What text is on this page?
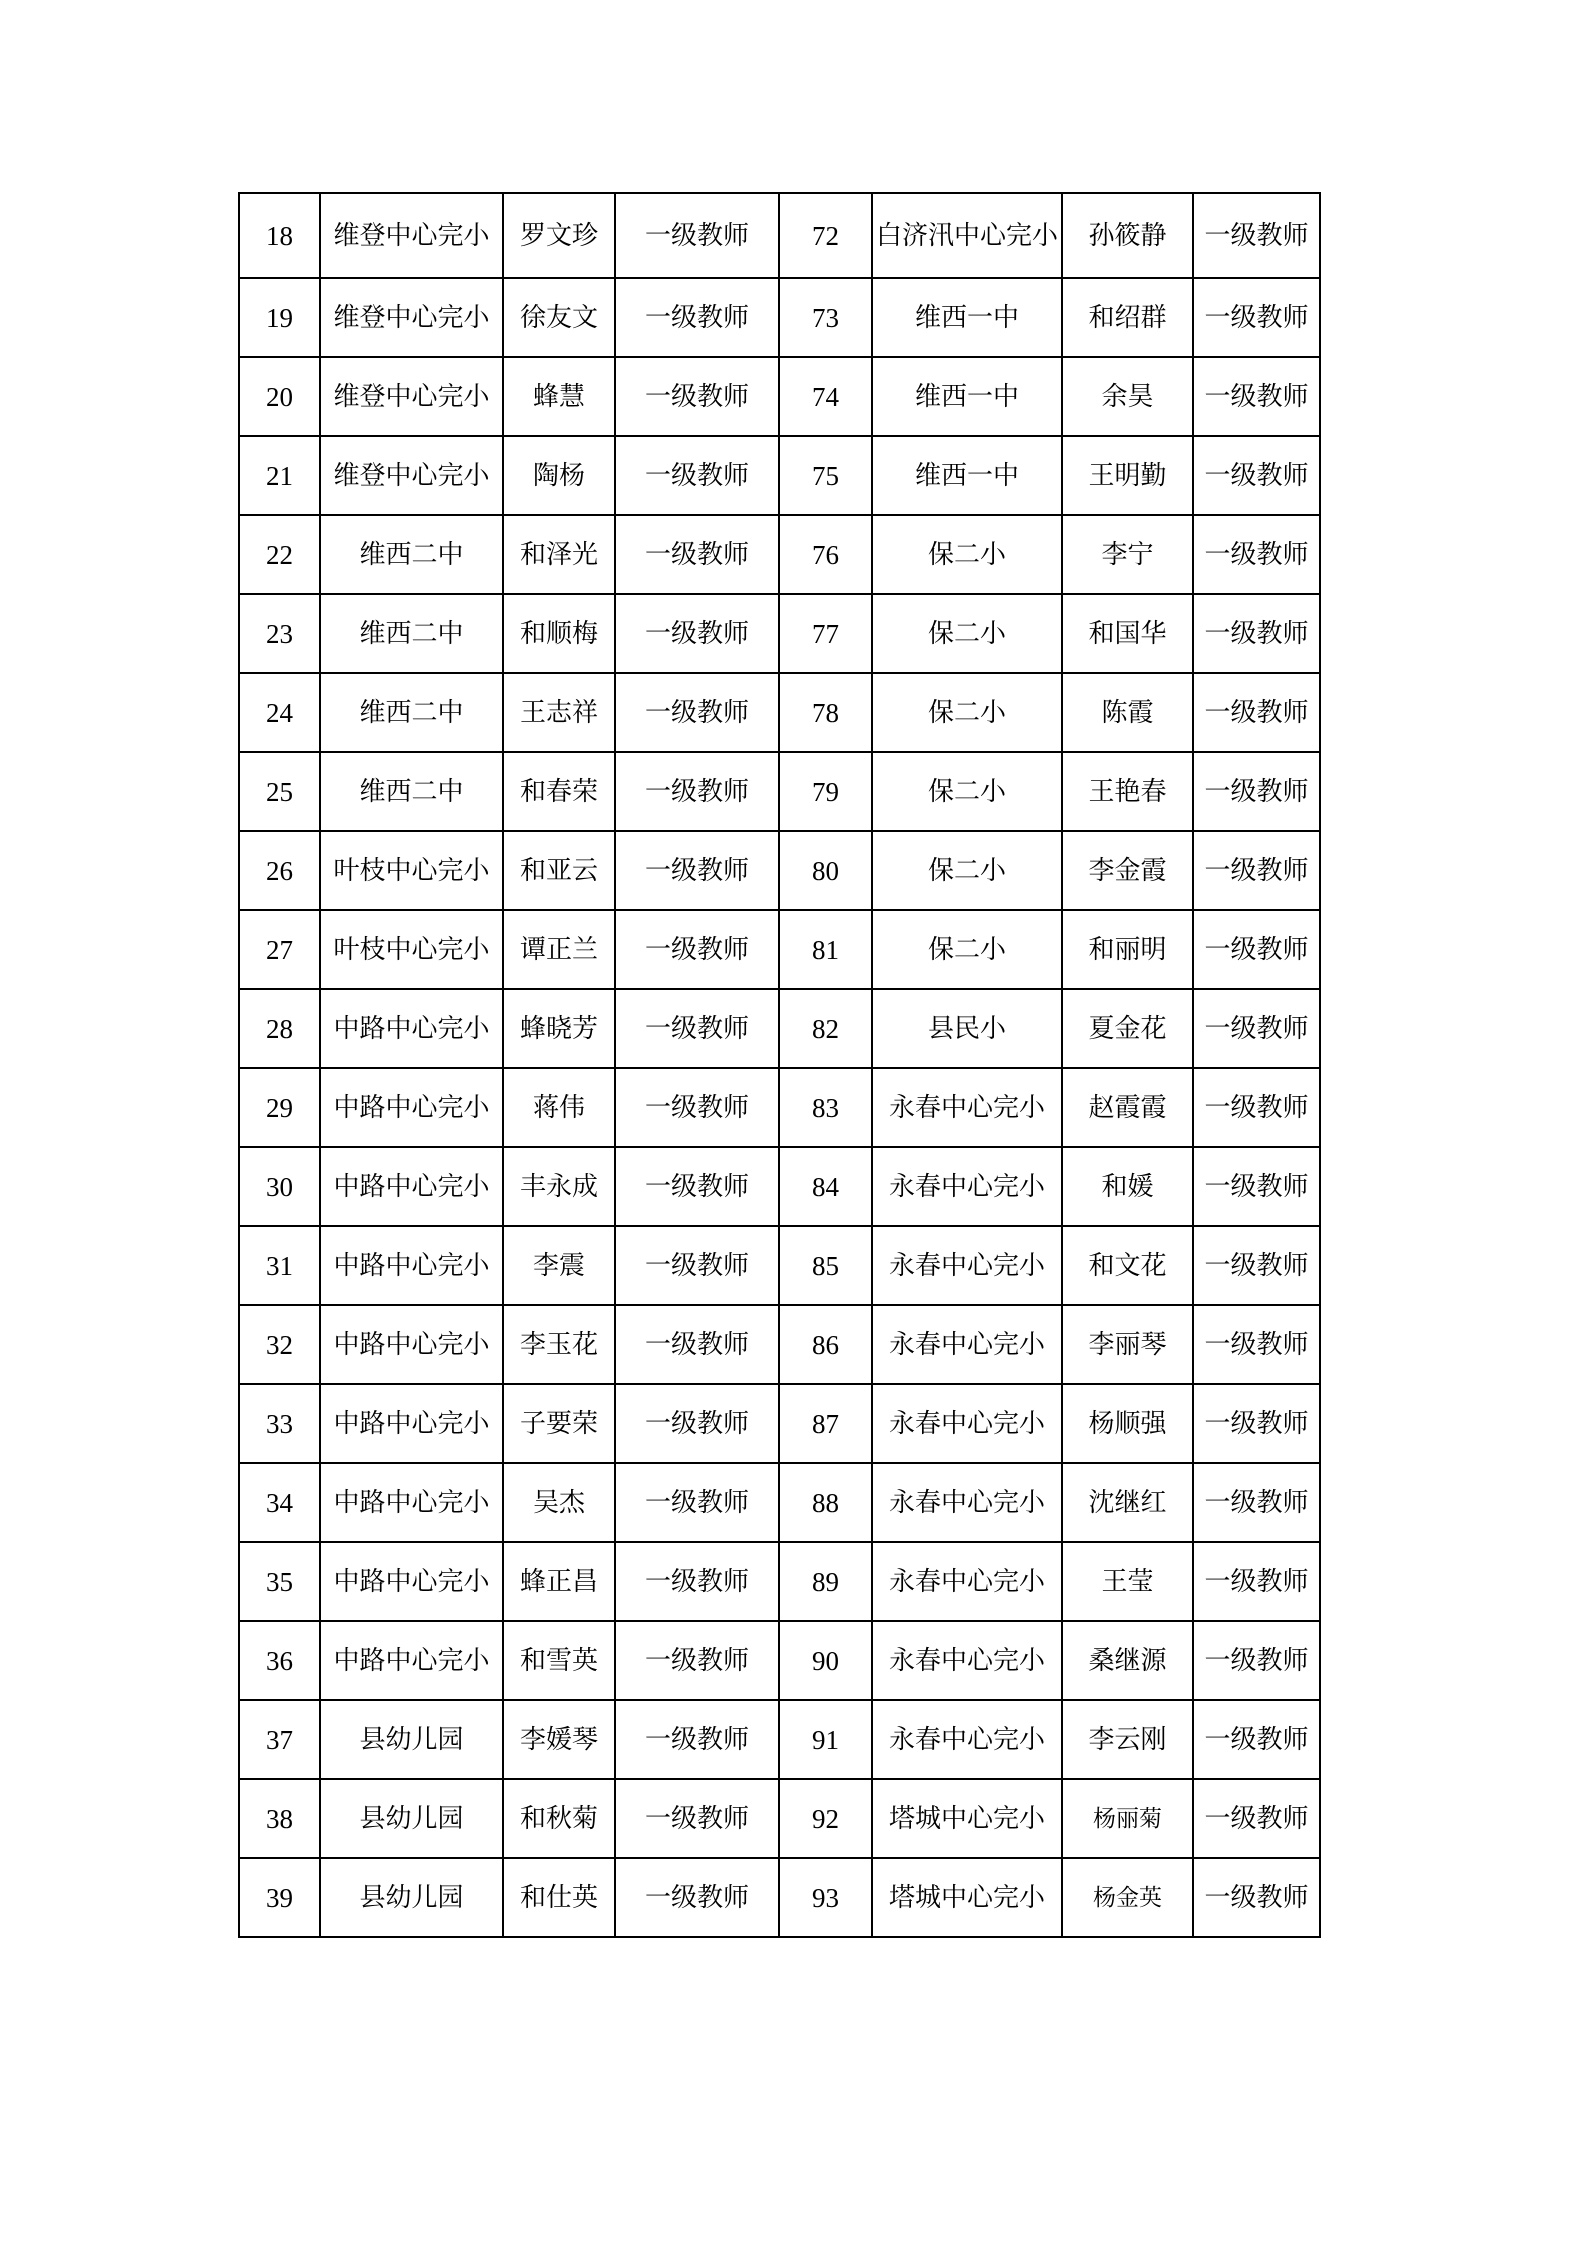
18	维登中心完小	罗文珍	一级教师	72	白济汛中心完小	孙筱静	一级教师
19	维登中心完小	徐友文	一级教师	73	维西一中	和绍群	一级教师
20	维登中心完小	蜂慧	一级教师	74	维西一中	余昊	一级教师
21	维登中心完小	陶杨	一级教师	75	维西一中	王明勤	一级教师
22	维西二中	和泽光	一级教师	76	保二小	李宁	一级教师
23	维西二中	和顺梅	一级教师	77	保二小	和国华	一级教师
24	维西二中	王志祥	一级教师	78	保二小	陈霞	一级教师
25	维西二中	和春荣	一级教师	79	保二小	王艳春	一级教师
26	叶枝中心完小	和亚云	一级教师	80	保二小	李金霞	一级教师
27	叶枝中心完小	谭正兰	一级教师	81	保二小	和丽明	一级教师
28	中路中心完小	蜂晓芳	一级教师	82	县民小	夏金花	一级教师
29	中路中心完小	蒋伟	一级教师	83	永春中心完小	赵霞霞	一级教师
30	中路中心完小	丰永成	一级教师	84	永春中心完小	和媛	一级教师
31	中路中心完小	李震	一级教师	85	永春中心完小	和文花	一级教师
32	中路中心完小	李玉花	一级教师	86	永春中心完小	李丽琴	一级教师
33	中路中心完小	子要荣	一级教师	87	永春中心完小	杨顺强	一级教师
34	中路中心完小	吴杰	一级教师	88	永春中心完小	沈继红	一级教师
35	中路中心完小	蜂正昌	一级教师	89	永春中心完小	王莹	一级教师
36	中路中心完小	和雪英	一级教师	90	永春中心完小	桑继源	一级教师
37	县幼儿园	李媛琴	一级教师	91	永春中心完小	李云刚	一级教师
38	县幼儿园	和秋菊	一级教师	92	塔城中心完小	杨丽菊	一级教师
39	县幼儿园	和仕英	一级教师	93	塔城中心完小	杨金英	一级教师
